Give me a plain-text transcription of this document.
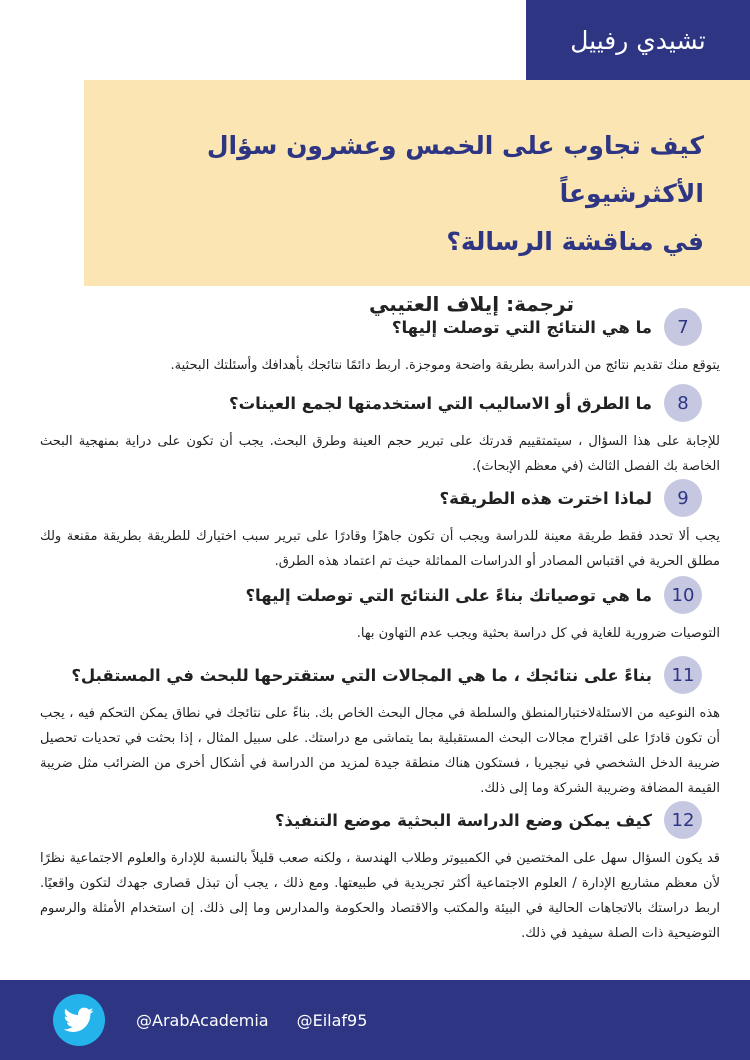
تشيدي رفييل
كيف تجاوب على الخمس وعشرون سؤال الأكثرشيوعاً
في مناقشة الرسالة؟
ترجمة: إيلاف العتيبي
7
ما هي النتائج التي توصلت إليها؟
يتوقع منك تقديم نتائج من الدراسة بطريقة واضحة وموجزة. اربط دائمًا نتائجك بأهدافك وأسئلتك البحثية.
8
ما الطرق أو الاساليب التي استخدمتها لجمع العينات؟
للإجابة على هذا السؤال ، سيتمتقييم قدرتك على تبرير حجم العينة وطرق البحث. يجب أن تكون على دراية بمنهجية البحث الخاصة بك الفصل الثالث (في معظم الإبحاث).
9
لماذا اخترت هذه الطريقة؟
يجب ألا تحدد فقط طريقة معينة للدراسة ويجب أن تكون جاهزًا وقادرًا على تبرير سبب اختيارك للطريقة بطريقة مقنعة ولك مطلق الحرية في اقتباس المصادر أو الدراسات المماثلة حيث تم اعتماد هذه الطرق.
10
ما هي توصياتك بناءً على النتائج التي توصلت إليها؟
التوصيات ضرورية للغاية في كل دراسة بحثية ويجب عدم التهاون بها.
11
بناءً على نتائجك ، ما هي المجالات التي ستقترحها للبحث في المستقبل؟
هذه النوعيه من الاسئلةلاختبارالمنطق والسلطة في مجال البحث الخاص بك. بناءً على نتائجك في نطاق يمكن التحكم فيه ، يجب أن تكون قادرًا على اقتراح مجالات البحث المستقبلية بما يتماشى مع دراستك. على سبيل المثال ، إذا بحثت في تحديات تحصيل ضريبة الدخل الشخصي في نيجيريا ، فستكون هناك منطقة جيدة لمزيد من الدراسة في أشكال أخرى من الضرائب مثل ضريبة القيمة المضافة وضريبة الشركة وما إلى ذلك.
12
كيف يمكن وضع الدراسة البحثية موضع التنفيذ؟
قد يكون السؤال سهل على المختصين في الكمبيوتر وطلاب الهندسة ، ولكنه صعب قليلاً بالنسبة للإدارة والعلوم الاجتماعية نظرًا لأن معظم مشاريع الإدارة / العلوم الاجتماعية أكثر تجريدية في طبيعتها. ومع ذلك ، يجب أن تبذل قصارى جهدك لتكون واقعيًا. اربط دراستك بالاتجاهات الحالية في البيئة والمكتب والاقتصاد والحكومة والمدارس وما إلى ذلك. إن استخدام الأمثلة والرسوم التوضيحية ذات الصلة سيفيد في ذلك.
@ArabAcademia @Eilaf95
